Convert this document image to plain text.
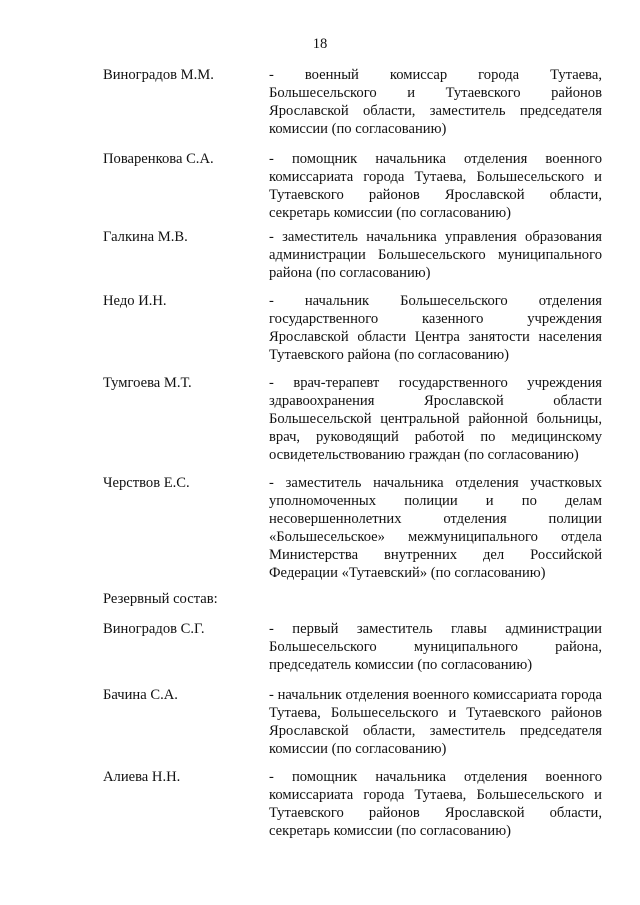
18
Виноградов М.М.	- военный комиссар города Тутаева, Большесельского и Тутаевского районов Ярославской области, заместитель председателя комиссии (по согласованию)
Поваренкова С.А.	- помощник начальника отделения военного комиссариата города Тутаева, Большесельского и Тутаевского районов Ярославской области, секретарь комиссии (по согласованию)
Галкина М.В.	- заместитель начальника управления образования администрации Большесельского муниципального района (по согласованию)
Недо И.Н.	- начальник Большесельского отделения государственного казенного учреждения Ярославской области Центра занятости населения Тутаевского района (по согласованию)
Тумгоева М.Т.	- врач-терапевт государственного учреждения здравоохранения Ярославской области Большесельской центральной районной больницы, врач, руководящий работой по медицинскому освидетельствованию граждан (по согласованию)
Черствов Е.С.	- заместитель начальника отделения участковых уполномоченных полиции и по делам несовершеннолетних отделения полиции «Большесельское» межмуниципального отдела Министерства внутренних дел Российской Федерации «Тутаевский» (по согласованию)
Резервный состав:
Виноградов С.Г.	- первый заместитель главы администрации Большесельского муниципального района, председатель комиссии (по согласованию)
Бачина С.А.	- начальник отделения военного комиссариата города Тутаева, Большесельского и Тутаевского районов Ярославской области, заместитель председателя комиссии (по согласованию)
Алиева Н.Н.	- помощник начальника отделения военного комиссариата города Тутаева, Большесельского и Тутаевского районов Ярославской области, секретарь комиссии (по согласованию)
